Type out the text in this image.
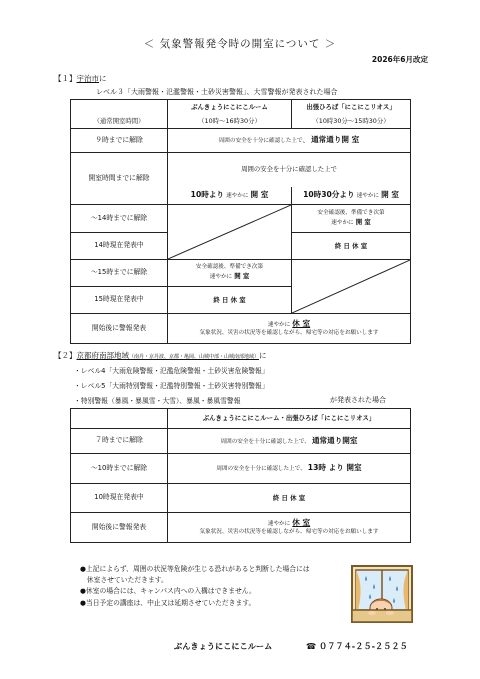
＜ 気象警報発令時の開室について ＞
2026年6月改定
【１】宇治市に
レベル３「大雨警報・氾濫警報・土砂災害警報」、大雪警報が発表された場合
	ぶんきょうにこにこルーム	出張ひろば「にこにこリオス」
（通常開室時間）	（10時～16時30分）	（10時30分～15時30分）
９時までに解除	周囲の安全を十分に確認した上で、 通常通り開 室	
開室時間までに解除	周囲の安全を十分に確認した上で	
	10時より 速やかに 開 室	10時30分より 速やかに 開 室
～14時までに解除		安全確認後、準備でき次第
速やかに 開 室

14時現在発表中		終 日 休 室
～15時までに解除	安全確認後、準備でき次第
速やかに 開 室

15時現在発表中	終 日 休 室	
開始後に警報発表	速やかに 休 室
気象状況、災害の状況等を確認しながら、帰宅等の対応をお願いします	
【２】京都府南部地域（南丹・京丹波、京都・亀岡、山城中部・山城南部地域）に
・レベル4「大雨危険警報・氾濫危険警報・土砂災害危険警報」
・レベル5「大雨特別警報・氾濫特別警報・土砂災害特別警報」
・特別警報（暴風・暴風雪・大雪）、暴風・暴風雪警報	が発表された場合
	ぶんきょうにこにこルーム・出張ひろば「にこにこリオス」
７時までに解除	周囲の安全を十分に確認した上で、 通常通り開室
～10時までに解除	周囲の安全を十分に確認した上で、 13時 より 開室
10時現在発表中	終 日 休 室
開始後に警報発表	速やかに 休 室
気象状況、災害の状況等を確認しながら、帰宅等の対応をお願いします
●上記によらず、周囲の状況等危険が生じる恐れがあると判断した場合には
　休室させていただきます。
●休室の場合には、キャンパス内への入構はできません。
●当日予定の講座は、中止又は延期させていただきます。
ぶんきょうにこにこルーム	☎ ０７７４-２５-２５２５
